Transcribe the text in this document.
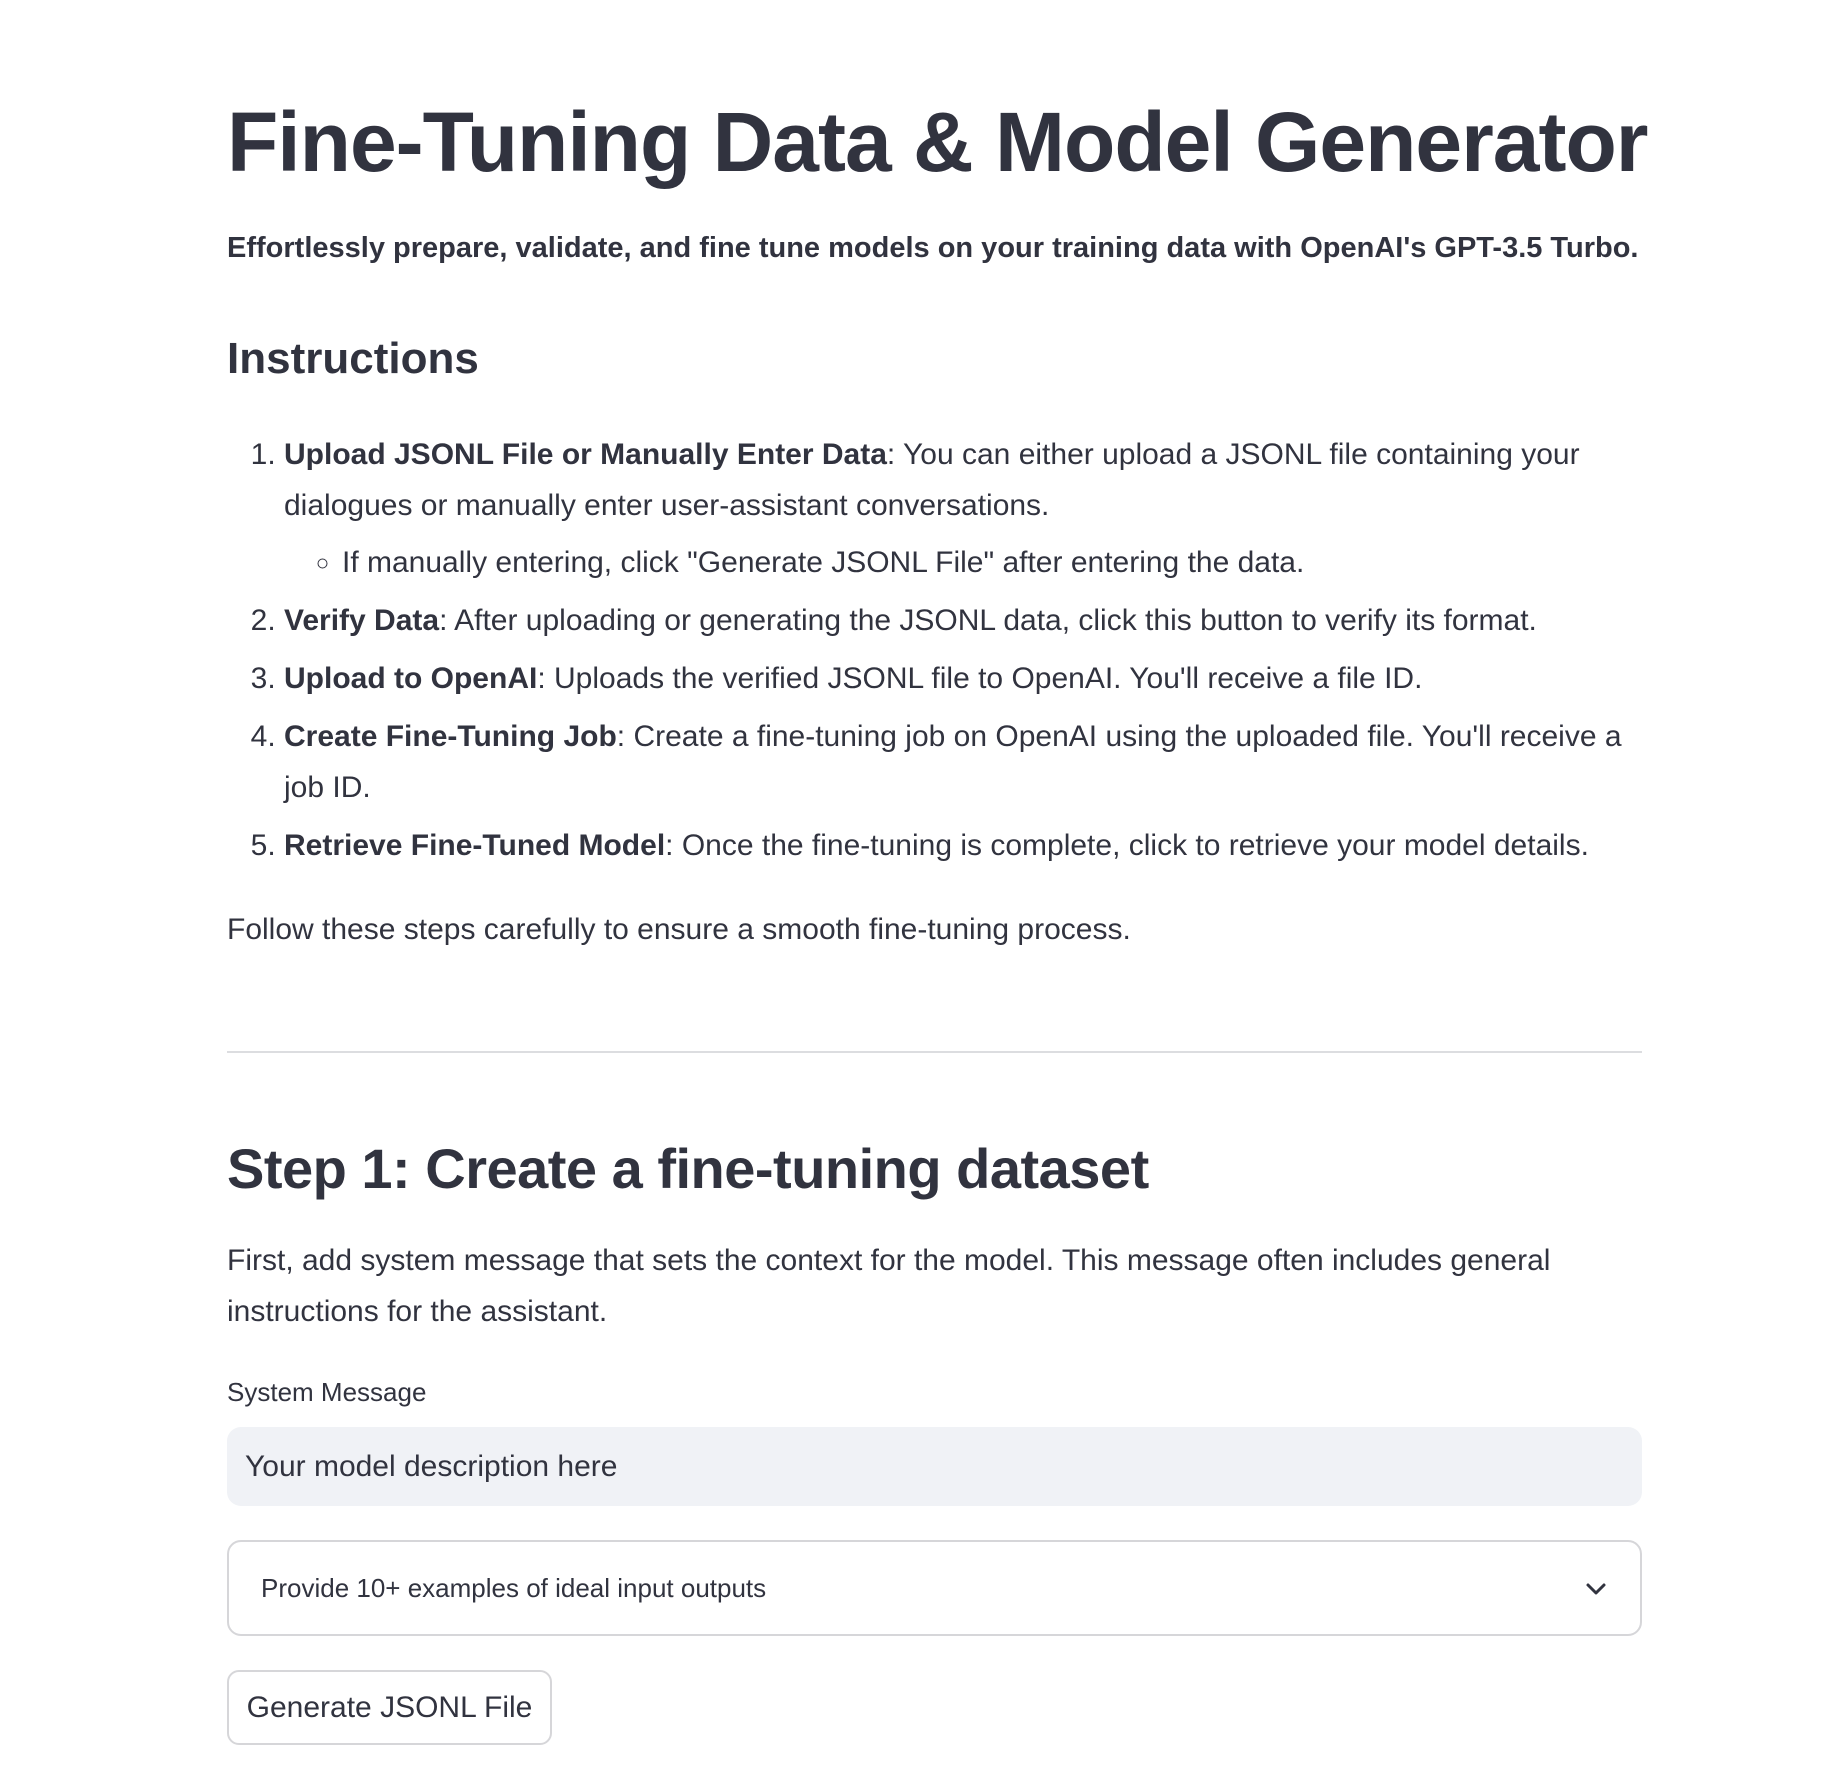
Fine-Tuning Data & Model Generator
Effortlessly prepare, validate, and fine tune models on your training data with OpenAI's GPT-3.5 Turbo.
Instructions
1. Upload JSONL File or Manually Enter Data: You can either upload a JSONL file containing your dialogues or manually enter user-assistant conversations.
◦ If manually entering, click "Generate JSONL File" after entering the data.
2. Verify Data: After uploading or generating the JSONL data, click this button to verify its format.
3. Upload to OpenAI: Uploads the verified JSONL file to OpenAI. You'll receive a file ID.
4. Create Fine-Tuning Job: Create a fine-tuning job on OpenAI using the uploaded file. You'll receive a job ID.
5. Retrieve Fine-Tuned Model: Once the fine-tuning is complete, click to retrieve your model details.
Follow these steps carefully to ensure a smooth fine-tuning process.
Step 1: Create a fine-tuning dataset
First, add system message that sets the context for the model. This message often includes general instructions for the assistant.
System Message
Your model description here
Provide 10+ examples of ideal input outputs
Generate JSONL File
